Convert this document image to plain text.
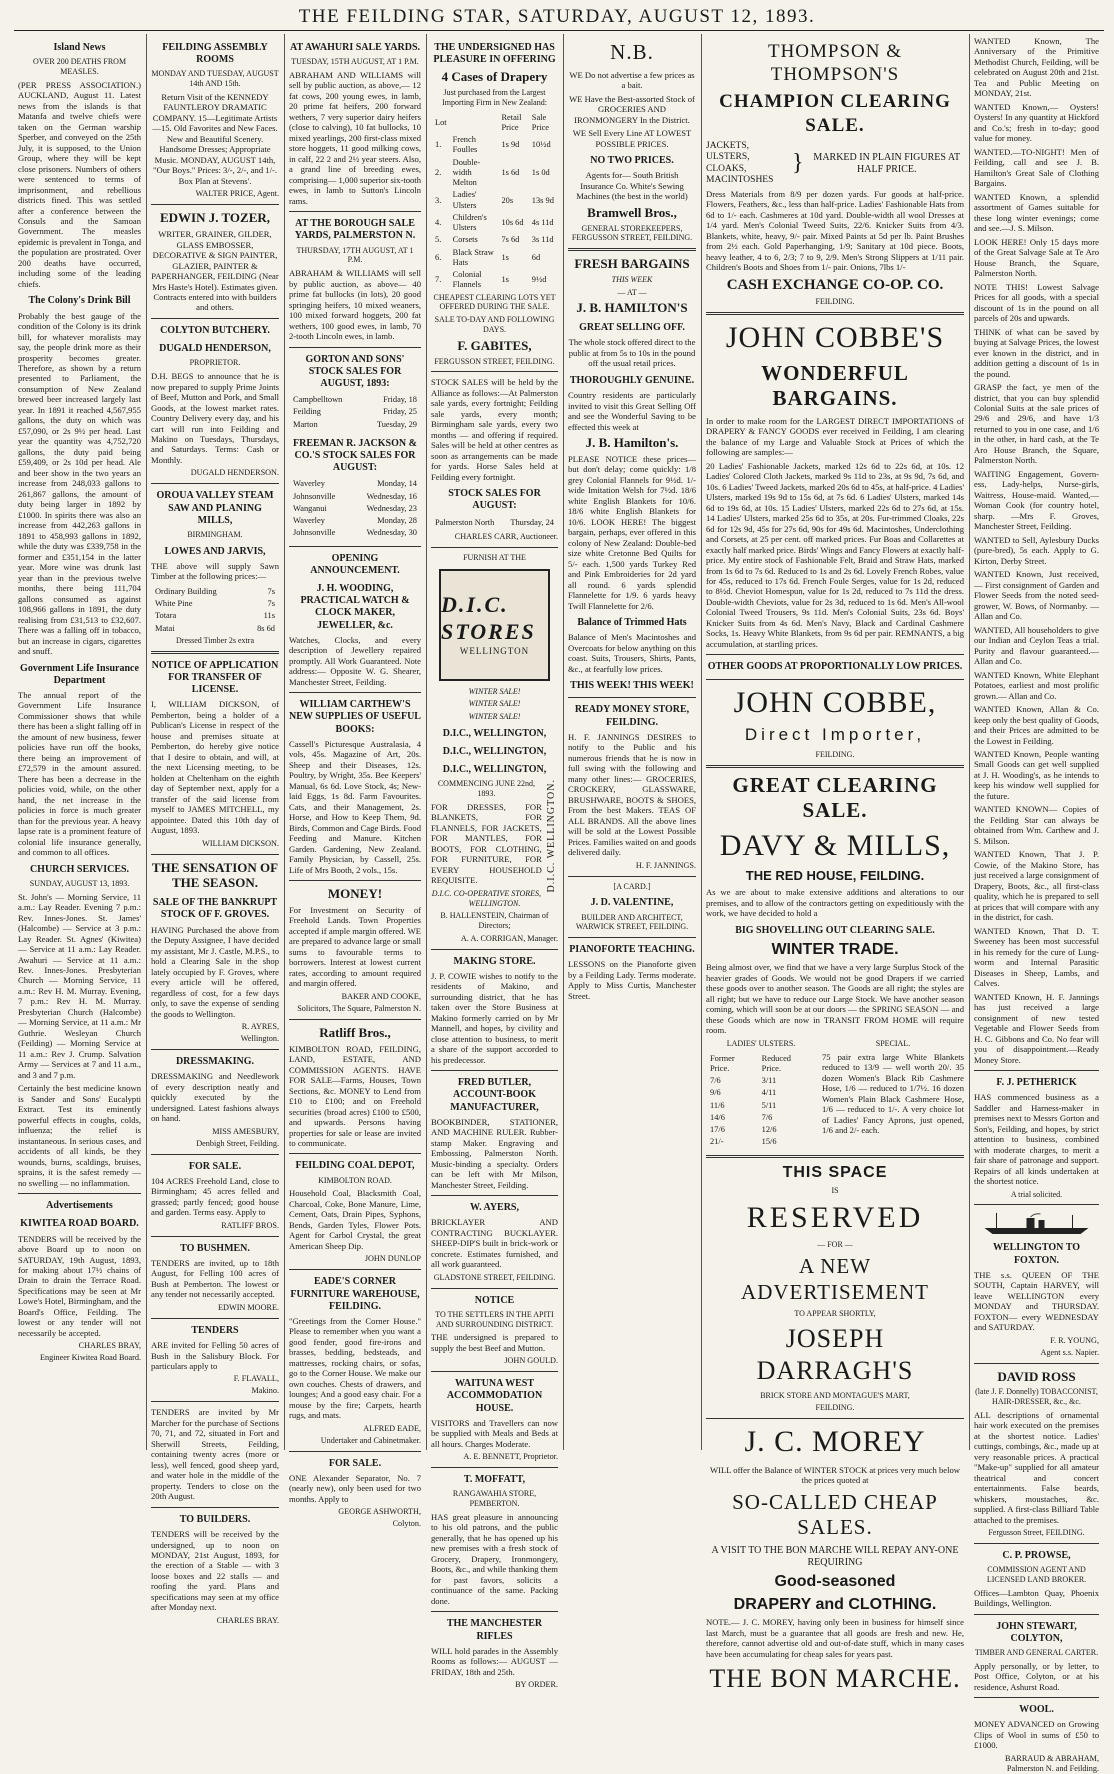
THE FEILDING STAR, SATURDAY, AUGUST 12, 1893.
Island News
OVER 200 DEATHS FROM MEASLES.

(PER PRESS ASSOCIATION.) AUCKLAND, August 11. Latest news from the islands is that Matanfa and twelve chiefs were taken on the German warship Sperber, and conveyed on the 25th July, it is supposed, to the Union Group, where they will be kept close prisoners. Numbers of others were sentenced to terms of imprisonment, and rebellious districts fined. This was settled after a conference between the Consuls and the Samoan Government. The measles epidemic is prevalent in Tonga, and the population are prostrated. Over 200 deaths have occurred, including some of the leading chiefs.

The Colony's Drink Bill

Probably the best gauge of the condition of the Colony is its drink bill, for whatever moralists may say, the people drink more as their prosperity becomes greater. Therefore, as shown by a return presented to Parliament, the consumption of New Zealand brewed beer increased largely last year. In 1891 it reached 4,567,955 gallons, the duty on which was £57,090, or 2s 9½ per head. Last year the quantity was 4,752,720 gallons, the duty paid being £59,409, or 2s 10d per head. Ale and beer show in the two years an increase from 248,033 gallons to 261,867 gallons, the amount of duty being larger in 1892 by £1000. In spirits there was also an increase from 442,263 gallons in 1891 to 458,993 gallons in 1892, while the duty was £339,758 in the former and £351,154 in the latter year. More wine was drunk last year than in the previous twelve months, there being 111,704 gallons consumed as against 108,966 gallons in 1891, the duty realising from £31,513 to £32,607. There was a falling off in tobacco, but an increase in cigars, cigarettes and snuff.

Government Life Insurance Department

The annual report of the Government Life Insurance Commissioner shows that while there has been a slight falling off in the amount of new business, fewer policies have run off the books, there being an improvement of £72,579 in the amount assured. There has been a decrease in the policies void, while, on the other hand, the net increase in the policies in force is much greater than for the previous year. A heavy lapse rate is a prominent feature of colonial life insurance generally, and common to all offices.

CHURCH SERVICES.
SUNDAY, AUGUST 13, 1893.

St. John's — Morning Service, 11 a.m.: Lay Reader. Evening 7 p.m.: Rev. Innes-Jones. St. James' (Halcombe) — Service at 3 p.m.: Lay Reader. St. Agnes' (Kiwitea) — Service at 11 a.m.: Lay Reader. Awahuri — Service at 11 a.m.: Rev. Innes-Jones. Presbyterian Church — Morning Service, 11 a.m.: Rev H. M. Murray. Evening, 7 p.m.: Rev H. M. Murray. Presbyterian Church (Halcombe) — Morning Service, at 11 a.m.: Mr Guthrie. Wesleyan Church (Feilding) — Morning Service at 11 a.m.: Rev J. Crump. Salvation Army — Services at 7 and 11 a.m., and 3 and 7 p.m.

Certainly the best medicine known is Sander and Sons' Eucalypti Extract. Test its eminently powerful effects in coughs, colds, influenza; the relief is instantaneous. In serious cases, and accidents of all kinds, be they wounds, burns, scaldings, bruises, sprains, it is the safest remedy — no swelling — no inflammation.

Advertisements
KIWITEA ROAD BOARD.

TENDERS will be received by the above Board up to noon on SATURDAY, 19th August, 1893, for making about 17½ chains of Drain to drain the Terrace Road. Specifications may be seen at Mr Lowe's Hotel, Birmingham, and the Board's Office, Feilding. The lowest or any tender will not necessarily be accepted.

CHARLES BRAY,
Engineer Kiwitea Road Board.
FEILDING ASSEMBLY ROOMS
MONDAY AND TUESDAY, AUGUST 14th AND 15th.

Return Visit of the KENNEDY FAUNTLEROY DRAMATIC COMPANY. 15—Legitimate Artists—15. Old Favorites and New Faces. New and Beautiful Scenery. Handsome Dresses; Appropriate Music. MONDAY, AUGUST 14th, "Our Boys." Prices: 3/-, 2/-, and 1/-. Box Plan at Stevens'.

WALTER PRICE, Agent.
EDWIN J. TOZER,

WRITER, GRAINER, GILDER, GLASS EMBOSSER, DECORATIVE & SIGN PAINTER, GLAZIER, PAINTER & PAPERHANGER, FEILDING (Near Mrs Haste's Hotel). Estimates given. Contracts entered into with builders and others.

COLYTON BUTCHERY.
DUGALD HENDERSON,
PROPRIETOR.

D.H. BEGS to announce that he is now prepared to supply Prime Joints of Beef, Mutton and Pork, and Small Goods, at the lowest market rates. Country Delivery every day, and his cart will run into Feilding and Makino on Tuesdays, Thursdays, and Saturdays. Terms: Cash or Monthly.

DUGALD HENDERSON.
OROUA VALLEY STEAM SAW AND PLANING MILLS,
BIRMINGHAM.
LOWES AND JARVIS,

THE above will supply Sawn Timber at the following prices:—

Ordinary Building	7s
White Pine	7s
Totara	11s
Matai	8s 6d
Dressed Timber 2s extra
NOTICE OF APPLICATION FOR TRANSFER OF LICENSE.

I, WILLIAM DICKSON, of Pemberton, being a holder of a Publican's License in respect of the house and premises situate at Pemberton, do hereby give notice that I desire to obtain, and will, at the next Licensing meeting, to be holden at Cheltenham on the eighth day of September next, apply for a transfer of the said license from myself to JAMES MITCHELL, my appointee. Dated this 10th day of August, 1893.

WILLIAM DICKSON.
THE SENSATION OF THE SEASON.
SALE OF THE BANKRUPT STOCK OF F. GROVES.

HAVING Purchased the above from the Deputy Assignee, I have decided my assistant, Mr J. Castle, M.P.S., to hold a Clearing Sale in the shop lately occupied by F. Groves, where every article will be offered, regardless of cost, for a few days only, to save the expense of sending the goods to Wellington.

R. AYRES,
Wellington.
DRESSMAKING.

DRESSMAKING and Needlework of every description neatly and quickly executed by the undersigned. Latest fashions always on hand.

MISS AMESBURY,
Denbigh Street, Feilding.
FOR SALE.

104 ACRES Freehold Land, close to Birmingham; 45 acres felled and grassed; partly fenced; good house and garden. Terms easy. Apply to

RATLIFF BROS.
TO BUSHMEN.

TENDERS are invited, up to 18th August, for Felling 100 acres of Bush at Pemberton. The lowest or any tender not necessarily accepted.

EDWIN MOORE.
TENDERS

ARE invited for Felling 50 acres of Bush in the Salisbury Block. For particulars apply to

F. FLAVALL,
Makino.

TENDERS are invited by Mr Marcher for the purchase of Sections 70, 71, and 72, situated in Fort and Sherwill Streets, Feilding, containing twenty acres (more or less), well fenced, good sheep yard, and water hole in the middle of the property. Tenders to close on the 20th August.

TO BUILDERS.

TENDERS will be received by the undersigned, up to noon on MONDAY, 21st August, 1893, for the erection of a Stable — with 3 loose boxes and 22 stalls — and roofing the yard. Plans and specifications may seen at my office after Monday next.

CHARLES BRAY.
AT AWAHURI SALE YARDS.
TUESDAY, 15TH AUGUST, AT 1 P.M.

ABRAHAM AND WILLIAMS will sell by public auction, as above,— 12 fat cows, 200 young ewes, in lamb, 20 prime fat heifers, 200 forward wethers, 7 very superior dairy heifers (close to calving), 10 fat bullocks, 10 mixed yearlings, 200 first-class mixed store hoggets, 11 good milking cows, in calf, 22 2 and 2½ year steers. Also, a grand line of breeding ewes, comprising— 1,000 superior six-tooth ewes, in lamb to Sutton's Lincoln rams.

AT THE BOROUGH SALE YARDS, PALMERSTON N.
THURSDAY, 17TH AUGUST, AT 1 P.M.

ABRAHAM & WILLIAMS will sell by public auction, as above— 40 prime fat bullocks (in lots), 20 good springing heifers, 10 mixed weaners, 100 mixed forward hoggets, 200 fat wethers, 100 good ewes, in lamb, 70 2-tooth Lincoln ewes, in lamb.

GORTON AND SONS' STOCK SALES FOR AUGUST, 1893:
Campbelltown	Friday, 18
Feilding	Friday, 25
Marton	Tuesday, 29
FREEMAN R. JACKSON & CO.'S STOCK SALES FOR AUGUST:
Waverley	Monday, 14
Johnsonville	Wednesday, 16
Wanganui	Wednesday, 23
Waverley	Monday, 28
Johnsonville	Wednesday, 30
OPENING ANNOUNCEMENT.
J. H. WOODING, PRACTICAL WATCH & CLOCK MAKER, JEWELLER, &c.

Watches, Clocks, and every description of Jewellery repaired promptly. All Work Guaranteed. Note address:— Opposite W. G. Shearer, Manchester Street, Feilding.

WILLIAM CARTHEW'S NEW SUPPLIES OF USEFUL BOOKS:

Cassell's Picturesque Australasia, 4 vols, 45s. Magazine of Art, 20s. Sheep and their Diseases, 12s. Poultry, by Wright, 35s. Bee Keepers' Manual, 6s 6d. Love Stock, 4s; New-laid Eggs, 1s 8d. Farm Favourites. Cats, and their Management, 2s. Horse, and How to Keep Them, 9d. Birds, Common and Cage Birds. Food Feeding and Manure. Kitchen Garden. Gardening, New Zealand. Family Physician, by Cassell, 25s. Life of Mrs Booth, 2 vols., 15s.

MONEY!

For Investment on Security of Freehold Lands. Town Properties accepted if ample margin offered. WE are prepared to advance large or small sums to favourable terms to borrowers. Interest at lowest current rates, according to amount required and margin offered.

BAKER AND COOKE,
Solicitors, The Square, Palmerston N.
Ratliff Bros.,

KIMBOLTON ROAD, FEILDING, LAND, ESTATE, AND COMMISSION AGENTS. HAVE FOR SALE—Farms, Houses, Town Sections, &c. MONEY to Lend from £10 to £100; and on Freehold securities (broad acres) £100 to £500, and upwards. Persons having properties for sale or lease are invited to communicate.

FEILDING COAL DEPOT,
KIMBOLTON ROAD.

Household Coal, Blacksmith Coal, Charcoal, Coke, Bone Manure, Lime, Cement, Oats, Drain Pipes, Syphons, Bends, Garden Tyles, Flower Pots. Agent for Carbol Crystal, the great American Sheep Dip.

JOHN DUNLOP
EADE'S CORNER FURNITURE WAREHOUSE, FEILDING.

"Greetings from the Corner House." Please to remember when you want a good fender, good fire-irons and brasses, bedding, bedsteads, and mattresses, rocking chairs, or sofas, go to the Corner House. We make our own couches. Chests of drawers, and lounges; And a good easy chair. For a mouse by the fire; Carpets, hearth rugs, and mats.

ALFRED EADE,
Undertaker and Cabinetmaker.
FOR SALE.

ONE Alexander Separator, No. 7 (nearly new), only been used for two months. Apply to

GEORGE ASHWORTH,
Colyton.
THE UNDERSIGNED HAS PLEASURE IN OFFERING
4 Cases of Drapery
Just purchased from the Largest Importing Firm in New Zealand:
Lot		Retail Price	Sale Price
1.	French Foulles	1s 9d	10½d
2.	Double-width Melton	1s 6d	1s 0d
3.	Ladies' Ulsters	20s	13s 9d
4.	Children's Ulsters	10s 6d	4s 11d
5.	Corsets	7s 6d	3s 11d
6.	Black Straw Hats	1s	6d
7.	Colonial Flannels	1s	9½d
CHEAPEST CLEARING LOTS YET OFFERED DURING THE SALE.
SALE TO-DAY AND FOLLOWING DAYS.
F. GABITES,
FERGUSSON STREET, FEILDING.

STOCK SALES will be held by the Alliance as follows:—At Palmerston sale yards, every fortnight; Feilding sale yards, every month; Birmingham sale yards, every two months — and offering if required. Sales will be held at other centres as soon as arrangements can be made for yards. Horse Sales held at Feilding every fortnight.

STOCK SALES FOR AUGUST:
Palmerston North	Thursday, 24
CHARLES CARR, Auctioneer.
FURNISH AT THE
D.I.C. STORES
WELLINGTON
WINTER SALE!
WINTER SALE!
WINTER SALE!
D.I.C., WELLINGTON,
D.I.C., WELLINGTON,
D.I.C., WELLINGTON,
D.I.C. WELLINGTON.
COMMENCING JUNE 22nd, 1893.

FOR DRESSES, FOR BLANKETS, FOR FLANNELS, FOR JACKETS, FOR MANTLES, FOR BOOTS, FOR CLOTHING, FOR FURNITURE, FOR EVERY HOUSEHOLD REQUISITE.

D.I.C. CO-OPERATIVE STORES, WELLINGTON.
B. HALLENSTEIN, Chairman of Directors;
A. A. CORRIGAN, Manager.
MAKING STORE.

J. P. COWIE wishes to notify to the residents of Makino, and surrounding district, that he has taken over the Store Business at Makino formerly carried on by Mr Mannell, and hopes, by civility and close attention to business, to merit a share of the support accorded to his predecessor.

FRED BUTLER, ACCOUNT-BOOK MANUFACTURER,

BOOKBINDER, STATIONER, AND MACHINE RULER. Rubber-stamp Maker. Engraving and Embossing, Palmerston North. Music-binding a specialty. Orders can be left with Mr Milson, Manchester Street, Feilding.

W. AYERS,

BRICKLAYER AND CONTRACTING BUCKLAYER. SHEEP-DIP'S built in brick-work or concrete. Estimates furnished, and all work guaranteed.

GLADSTONE STREET, FEILDING.
NOTICE
TO THE SETTLERS IN THE APITI AND SURROUNDING DISTRICT.

THE undersigned is prepared to supply the best Beef and Mutton.

JOHN GOULD.
WAITUNA WEST ACCOMMODATION HOUSE.

VISITORS and Travellers can now be supplied with Meals and Beds at all hours. Charges Moderate.

A. E. BENNETT, Proprietor.
T. MOFFATT,
RANGAWAHIA STORE, PEMBERTON.

HAS great pleasure in announcing to his old patrons, and the public generally, that he has opened up his new premises with a fresh stock of Grocery, Drapery, Ironmongery, Boots, &c., and while thanking them for past favors, solicits a continuance of the same. Packing done.

THE MANCHESTER RIFLES

WILL hold parades in the Assembly Rooms as follows:— AUGUST — FRIDAY, 18th and 25th.

BY ORDER.
N.B.

WE Do not advertise a few prices as a bait.

WE Have the Best-assorted Stock of GROCERIES AND IRONMONGERY In the District.

WE Sell Every Line AT LOWEST POSSIBLE PRICES.

NO TWO PRICES.

Agents for— South British Insurance Co. White's Sewing Machines (the best in the world)

Bramwell Bros.,
GENERAL STOREKEEPERS, FERGUSSON STREET, FEILDING.
FRESH BARGAINS
THIS WEEK
— AT —
J. B. HAMILTON'S
GREAT SELLING OFF.

The whole stock offered direct to the public at from 5s to 10s in the pound off the usual retail prices.

THOROUGHLY GENUINE.

Country residents are particularly invited to visit this Great Selling Off and see the Wonderful Saving to be effected this week at

J. B. Hamilton's.

PLEASE NOTICE these prices— but don't delay; come quickly: 1/8 grey Colonial Flannels for 9½d. 1/- wide Imitation Welsh for 7½d. 18/6 white English Blankets for 10/6. 18/6 white English Blankets for 10/6. LOOK HERE! The biggest bargain, perhaps, ever offered in this colony of New Zealand: Double-bed size white Cretonne Bed Quilts for 5/- each. 1,500 yards Turkey Red and Pink Embroideries for 2d yard all round. 6 yards splendid Flannelette for 1/9. 6 yards heavy Twill Flannelette for 2/6.

Balance of Trimmed Hats

Balance of Men's Macintoshes and Overcoats for below anything on this coast. Suits, Trousers, Shirts, Pants, &c., at fearfully low prices.

THIS WEEK! THIS WEEK!
READY MONEY STORE, FEILDING.

H. F. JANNINGS DESIRES to notify to the Public and his numerous friends that he is now in full swing with the following and many other lines:— GROCERIES, CROCKERY, GLASSWARE, BRUSHWARE, BOOTS & SHOES, From the best Makers. TEAS OF ALL BRANDS. All the above lines will be sold at the Lowest Possible Prices. Families waited on and goods delivered daily.

H. F. JANNINGS.
[A CARD.]
J. D. VALENTINE,
BUILDER AND ARCHITECT, WARWICK STREET, FEILDING.
PIANOFORTE TEACHING.

LESSONS on the Pianoforte given by a Feilding Lady. Terms moderate. Apply to Miss Curtis, Manchester Street.

THOMPSON & THOMPSON'S
CHAMPION CLEARING SALE.
JACKETS, ULSTERS, CLOAKS, MACINTOSHES
} MARKED IN PLAIN FIGURES AT HALF PRICE.

Dress Materials from 8/9 per dozen yards. Fur goods at half-price. Flowers, Feathers, &c., less than half-price. Ladies' Fashionable Hats from 6d to 1/- each. Cashmeres at 10d yard. Double-width all wool Dresses at 1/4 yard. Men's Colonial Tweed Suits, 22/6. Knicker Suits from 4/3. Blankets, white, heavy, 9/- pair. Mixed Paints at 5d per lb. Paint Brushes from 2½ each. Gold Paperhanging, 1/9; Sanitary at 10d piece. Boots, heavy leather, 4 to 6, 2/3; 7 to 9, 2/9. Men's Strong Slippers at 1/11 pair. Children's Boots and Shoes from 1/- pair. Onions, 7lbs 1/-

CASH EXCHANGE CO-OP. CO.
FEILDING.
JOHN COBBE'S
WONDERFUL BARGAINS.

In order to make room for the LARGEST DIRECT IMPORTATIONS of DRAPERY & FANCY GOODS ever received in Feilding, I am clearing the balance of my Large and Valuable Stock at Prices of which the following are samples:—

20 Ladies' Fashionable Jackets, marked 12s 6d to 22s 6d, at 10s. 12 Ladies' Colored Cloth Jackets, marked 9s 11d to 23s, at 9s 9d, 7s 6d, and 10s. 6 Ladies' Tweed Jackets, marked 20s 6d to 45s, at half-price. 4 Ladies' Ulsters, marked 19s 9d to 15s 6d, at 7s 6d. 6 Ladies' Ulsters, marked 14s 6d to 19s 6d, at 10s. 15 Ladies' Ulsters, marked 22s 6d to 27s 6d, at 15s. 14 Ladies' Ulsters, marked 25s 6d to 35s, at 20s. Fur-trimmed Cloaks, 22s 6d for 12s 9d, 45s for 27s 6d, 90s for 49s 6d. Macintoshes, Underclothing and Corsets, at 25 per cent. off marked prices. Fur Boas and Collarettes at exactly half marked price. Birds' Wings and Fancy Flowers at exactly half-price. My entire stock of Fashionable Felt, Braid and Straw Hats, marked from 1s 6d to 7s 6d. Reduced to 1s and 2s 6d. Lovely French Robes, value for 45s, reduced to 17s 6d. French Foule Serges, value for 1s 2d, reduced to 8½d. Cheviot Homespun, value for 1s 2d, reduced to 7s 11d the dress. Double-width Cheviots, value for 2s 3d, reduced to 1s 6d. Men's All-wool Colonial Tweed Trousers, 9s 11d. Men's Colonial Suits, 23s 6d. Boys' Knicker Suits from 4s 6d. Men's Navy, Black and Cardinal Cashmere Socks, 1s. Heavy White Blankets, from 9s 6d per pair. REMNANTS, a big accumulation, at startling prices.

OTHER GOODS AT PROPORTIONALLY LOW PRICES.
JOHN COBBE,
Direct Importer,
FEILDING.
GREAT CLEARING SALE.
DAVY & MILLS,
THE RED HOUSE, FEILDING.

As we are about to make extensive additions and alterations to our premises, and to allow of the contractors getting on expeditiously with the work, we have decided to hold a

BIG SHOVELLING OUT CLEARING SALE.
WINTER TRADE.

Being almost over, we find that we have a very large Surplus Stock of the heavier grades of Goods. We would not be good Drapers if we carried these goods over to another season. The Goods are all right; the styles are all right; but we have to reduce our Large Stock. We have another season coming, which will soon be at our doors — the SPRING SEASON — and these Goods which are now in TRANSIT FROM HOME will require room.

LADIES' ULSTERS.
Former Price.	Reduced Price.
7/6	3/11
9/6	4/11
11/6	5/11
14/6	7/6
17/6	12/6
21/-	15/6
SPECIAL.

75 pair extra large White Blankets reduced to 13/9 — well worth 20/. 35 dozen Women's Black Rib Cashmere Hose, 1/6 — reduced to 1/7½. 16 dozen Women's Plain Black Cashmere Hose, 1/6 — reduced to 1/-. A very choice lot of Ladies' Fancy Aprons, just opened, 1/6 and 2/- each.

THIS SPACE
IS
RESERVED
— FOR —
A NEW ADVERTISEMENT
TO APPEAR SHORTLY,
JOSEPH DARRAGH'S
BRICK STORE AND MONTAGUE'S MART,
FEILDING.
J. C. MOREY

WILL offer the Balance of WINTER STOCK at prices very much below the prices quoted at

SO-CALLED CHEAP SALES.
A VISIT TO THE BON MARCHE WILL REPAY ANY-ONE REQUIRING
Good-seasoned
DRAPERY and CLOTHING.

NOTE.— J. C. MOREY, having only been in business for himself since last March, must be a guarantee that all goods are fresh and new. He, therefore, cannot advertise old and out-of-date stuff, which in many cases have been accumulating for cheap sales for years past.

THE BON MARCHE.

WANTED Known, The Anniversary of the Primitive Methodist Church, Feilding, will be celebrated on August 20th and 21st. Tea and Public Meeting on MONDAY, 21st.

WANTED Known,— Oysters! Oysters! In any quantity at Hickford and Co.'s; fresh in to-day; good value for money.

WANTED.—TO-NIGHT! Men of Feilding, call and see J. B. Hamilton's Great Sale of Clothing Bargains.

WANTED Known, a splendid assortment of Games suitable for these long winter evenings; come and see.—J. S. Milson.

LOOK HERE! Only 15 days more of the Great Salvage Sale at Te Aro House Branch, the Square, Palmerston North.

NOTE THIS! Lowest Salvage Prices for all goods, with a special discount of 1s in the pound on all parcels of 20s and upwards.

THINK of what can be saved by buying at Salvage Prices, the lowest ever known in the district, and in addition getting a discount of 1s in the pound.

GRASP the fact, ye men of the district, that you can buy splendid Colonial Suits at the sale prices of 29/6 and 29/6, and have 1/3 returned to you in one case, and 1/6 in the other, in hard cash, at the Te Aro House Branch, the Square, Palmerston North.

WAITING Engagement, Govern-ess, Lady-helps, Nurse-girls, Waitress, House-maid. Wanted,— Woman Cook (for country hotel, sharp. —Mrs F. Groves, Manchester Street, Feilding.

WANTED to Sell, Aylesbury Ducks (pure-bred), 5s each. Apply to G. Kirton, Derby Street.

WANTED Known, Just received, — First consignment of Garden and Flower Seeds from the noted seed-grower, W. Bows, of Normanby. —Allan and Co.

WANTED, All householders to give our Indian and Ceylon Teas a trial. Purity and flavour guaranteed.—Allan and Co.

WANTED Known, White Elephant Potatoes, earliest and most prolific grown.— Allan and Co.

WANTED Known, Allan & Co. keep only the best quality of Goods, and their Prices are admitted to be the Lowest in Feilding.

WANTED Known, People wanting Small Goods can get well supplied at J. H. Wooding's, as he intends to keep his window well supplied for the future.

WANTED KNOWN— Copies of the Feilding Star can always be obtained from Wm. Carthew and J. S. Milson.

WANTED Known, That J. P. Cowie, of the Makino Store, has just received a large consignment of Drapery, Boots, &c., all first-class quality, which he is prepared to sell at prices that will compare with any in the district, for cash.

WANTED Known, That D. T. Sweeney has been most successful in his remedy for the cure of Lung-worm and Internal Parasitic Diseases in Sheep, Lambs, and Calves.

WANTED Known, H. F. Jannings has just received a large consignment of new tested Vegetable and Flower Seeds from H. C. Gibbons and Co. No fear will you of disappointment.—Ready Money Store.

F. J. PETHERICK

HAS commenced business as a Saddler and Harness-maker in premises next to Messrs Gorton and Son's, Feilding, and hopes, by strict attention to business, combined with moderate charges, to merit a fair share of patronage and support. Repairs of all kinds undertaken at the shortest notice.

A trial solicited.
WELLINGTON TO FOXTON.

THE s.s. QUEEN OF THE SOUTH, Captain HARVEY, will leave WELLINGTON every MONDAY and THURSDAY. FOXTON— every WEDNESDAY and SATURDAY.

F. R. YOUNG,
Agent s.s. Napier.
DAVID ROSS
(late J. F. Donnelly) TOBACCONIST, HAIR-DRESSER, &c., &c.

ALL descriptions of ornamental hair work executed on the premises at the shortest notice. Ladies' cuttings, combings, &c., made up at very reasonable prices. A practical "Make-up" supplied for all amateur theatrical and concert entertainments. False beards, whiskers, moustaches, &c. supplied. A first-class Billiard Table attached to the premises.

Fergusson Street, FEILDING.
C. P. PROWSE,
COMMISSION AGENT AND LICENSED LAND BROKER.

Offices—Lambton Quay, Phoenix Buildings, Wellington.

JOHN STEWART, COLYTON,
TIMBER AND GENERAL CARTER.

Apply personally, or by letter, to Post Office, Colyton, or at his residence, Ashurst Road.

WOOL.

MONEY ADVANCED on Growing Clips of Wool in sums of £50 to £1000.

BARRAUD & ABRAHAM, Palmerston N. and Feilding.
